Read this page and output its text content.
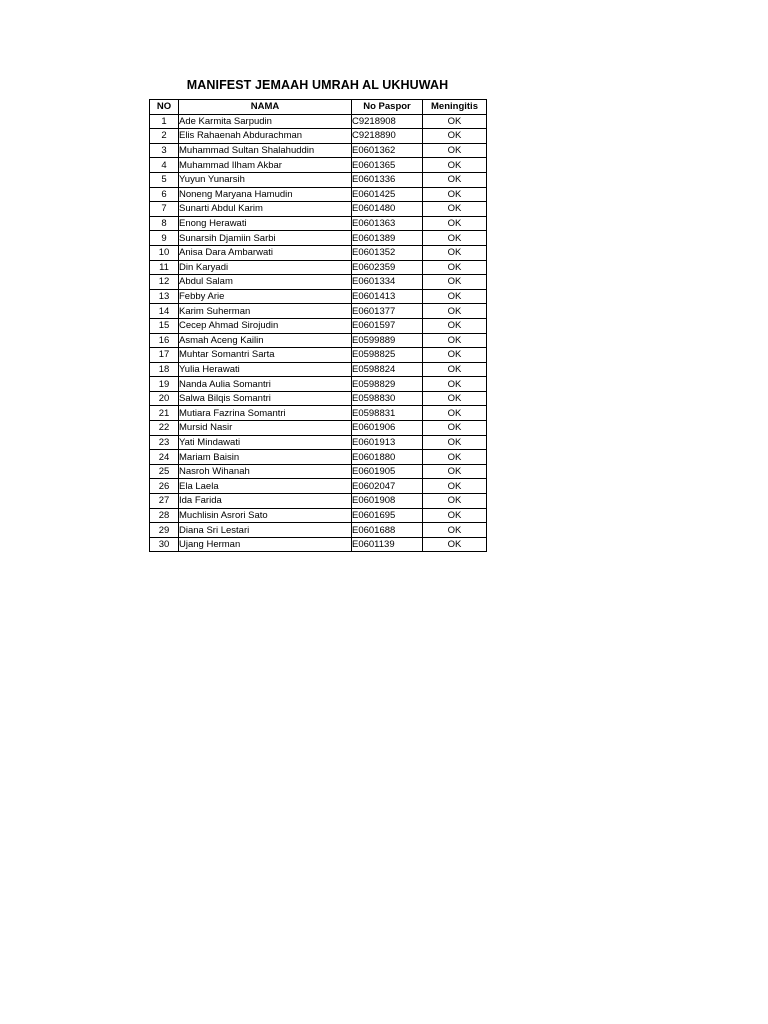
MANIFEST JEMAAH UMRAH AL UKHUWAH
NO	NAMA	No Paspor	Meningitis
1	Ade Karmita Sarpudin	C9218908	OK
2	Elis Rahaenah Abdurachman	C9218890	OK
3	Muhammad Sultan Shalahuddin	E0601362	OK
4	Muhammad Ilham Akbar	E0601365	OK
5	Yuyun Yunarsih	E0601336	OK
6	Noneng Maryana Hamudin	E0601425	OK
7	Sunarti Abdul Karim	E0601480	OK
8	Enong Herawati	E0601363	OK
9	Sunarsih Djamiin Sarbi	E0601389	OK
10	Anisa Dara Ambarwati	E0601352	OK
11	Din Karyadi	E0602359	OK
12	Abdul Salam	E0601334	OK
13	Febby Arie	E0601413	OK
14	Karim Suherman	E0601377	OK
15	Cecep Ahmad Sirojudin	E0601597	OK
16	Asmah Aceng Kailin	E0599889	OK
17	Muhtar Somantri Sarta	E0598825	OK
18	Yulia Herawati	E0598824	OK
19	Nanda Aulia Somantri	E0598829	OK
20	Salwa Bilqis Somantri	E0598830	OK
21	Mutiara Fazrina Somantri	E0598831	OK
22	Mursid Nasir	E0601906	OK
23	Yati Mindawati	E0601913	OK
24	Mariam Baisin	E0601880	OK
25	Nasroh Wihanah	E0601905	OK
26	Ela Laela	E0602047	OK
27	Ida Farida	E0601908	OK
28	Muchlisin Asrori Sato	E0601695	OK
29	Diana Sri Lestari	E0601688	OK
30	Ujang Herman	E0601139	OK
